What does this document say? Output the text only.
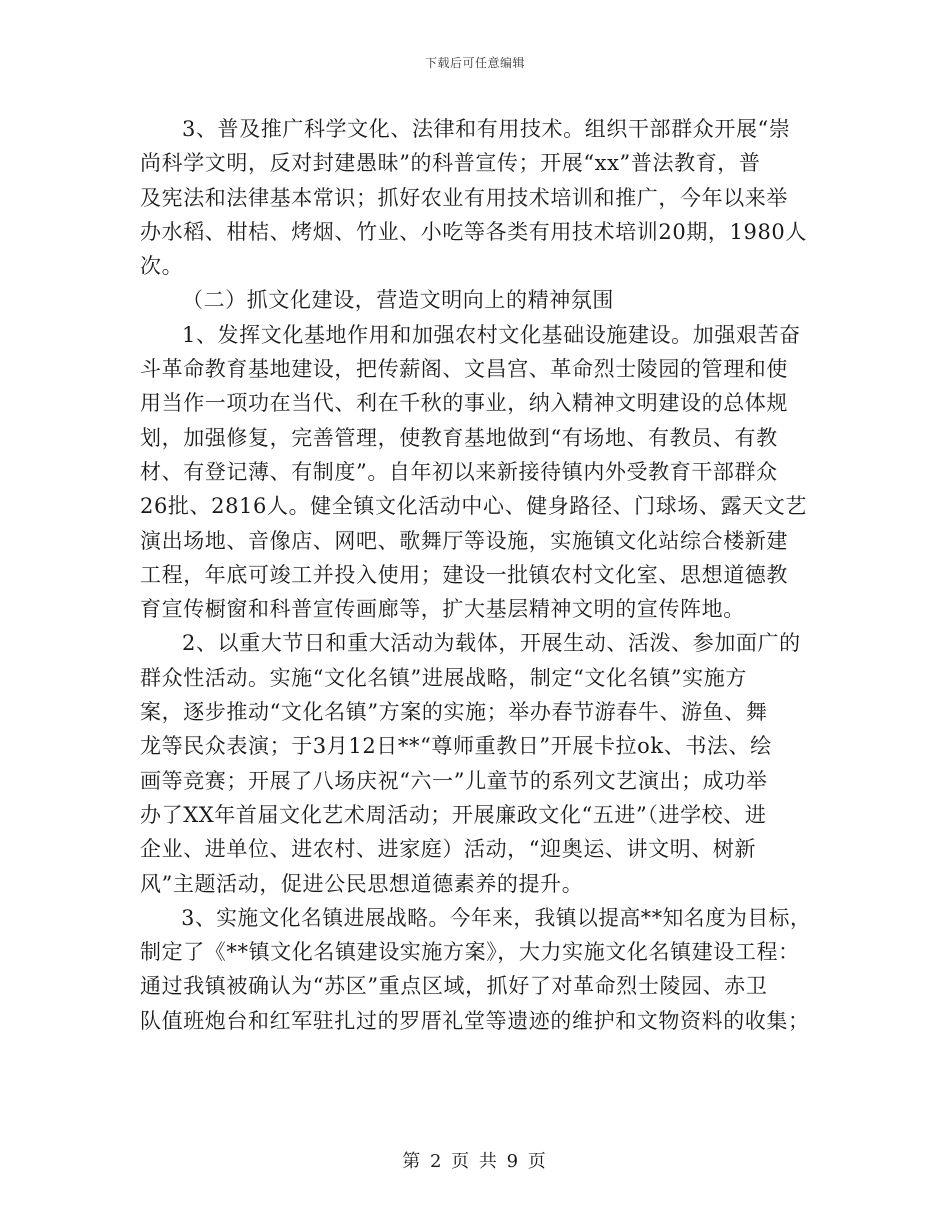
下载后可任意编辑
3、普及推广科学文化、法律和有用技术。组织干部群众开展“崇
尚科学文明，反对封建愚昧”的科普宣传；开展“xx”普法教育，普
及宪法和法律基本常识；抓好农业有用技术培训和推广，今年以来举
办水稻、柑桔、烤烟、竹业、小吃等各类有用技术培训20期，1980人
次。
（二）抓文化建设，营造文明向上的精神氛围
1、发挥文化基地作用和加强农村文化基础设施建设。加强艰苦奋
斗革命教育基地建设，把传薪阁、文昌宫、革命烈士陵园的管理和使
用当作一项功在当代、利在千秋的事业，纳入精神文明建设的总体规
划，加强修复，完善管理，使教育基地做到“有场地、有教员、有教
材、有登记薄、有制度”。自年初以来新接待镇内外受教育干部群众
26批、2816人。健全镇文化活动中心、健身路径、门球场、露天文艺
演出场地、音像店、网吧、歌舞厅等设施，实施镇文化站综合楼新建
工程，年底可竣工并投入使用；建设一批镇农村文化室、思想道德教
育宣传橱窗和科普宣传画廊等，扩大基层精神文明的宣传阵地。
2、以重大节日和重大活动为载体，开展生动、活泼、参加面广的
群众性活动。实施“文化名镇”进展战略，制定“文化名镇”实施方
案，逐步推动“文化名镇”方案的实施；举办春节游春牛、游鱼、舞
龙等民众表演；于3月12日**“尊师重教日”开展卡拉ok、书法、绘
画等竞赛；开展了八场庆祝“六一”儿童节的系列文艺演出；成功举
办了XX年首届文化艺术周活动；开展廉政文化“五进”（进学校、进
企业、进单位、进农村、进家庭）活动，“迎奥运、讲文明、树新
风”主题活动，促进公民思想道德素养的提升。
3、实施文化名镇进展战略。今年来，我镇以提高**知名度为目标，
制定了《**镇文化名镇建设实施方案》，大力实施文化名镇建设工程：
通过我镇被确认为“苏区”重点区域，抓好了对革命烈士陵园、赤卫
队值班炮台和红军驻扎过的罗厝礼堂等遗迹的维护和文物资料的收集；
第 2 页 共 9 页
